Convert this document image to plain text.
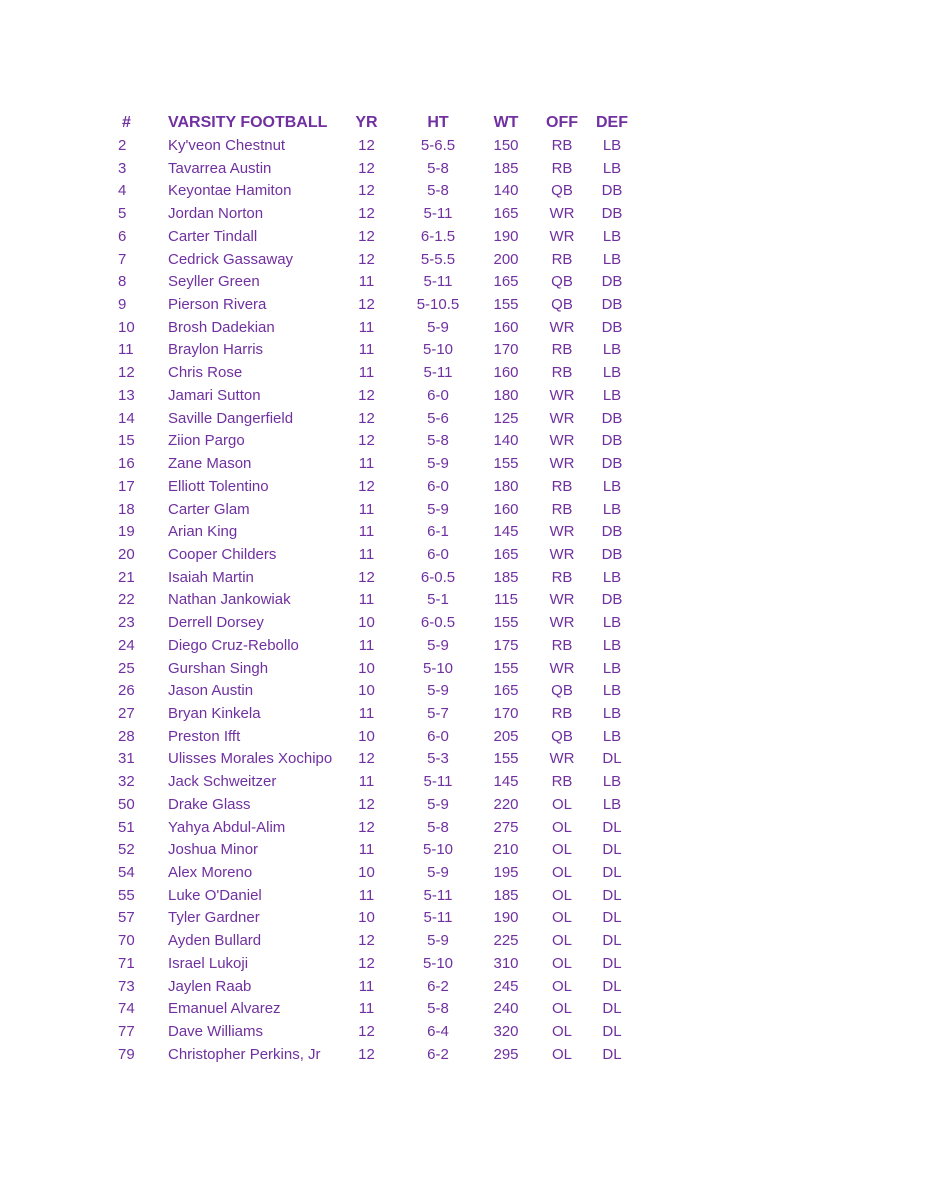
#	VARSITY FOOTBALL	YR	HT	WT	OFF	DEF
2	Ky'veon Chestnut	12	5-6.5	150	RB	LB
3	Tavarrea Austin	12	5-8	185	RB	LB
4	Keyontae Hamiton	12	5-8	140	QB	DB
5	Jordan Norton	12	5-11	165	WR	DB
6	Carter Tindall	12	6-1.5	190	WR	LB
7	Cedrick Gassaway	12	5-5.5	200	RB	LB
8	Seyller Green	11	5-11	165	QB	DB
9	Pierson Rivera	12	5-10.5	155	QB	DB
10	Brosh Dadekian	11	5-9	160	WR	DB
11	Braylon Harris	11	5-10	170	RB	LB
12	Chris Rose	11	5-11	160	RB	LB
13	Jamari Sutton	12	6-0	180	WR	LB
14	Saville Dangerfield	12	5-6	125	WR	DB
15	Ziion Pargo	12	5-8	140	WR	DB
16	Zane Mason	11	5-9	155	WR	DB
17	Elliott Tolentino	12	6-0	180	RB	LB
18	Carter Glam	11	5-9	160	RB	LB
19	Arian King	11	6-1	145	WR	DB
20	Cooper Childers	11	6-0	165	WR	DB
21	Isaiah Martin	12	6-0.5	185	RB	LB
22	Nathan Jankowiak	11	5-1	115	WR	DB
23	Derrell Dorsey	10	6-0.5	155	WR	LB
24	Diego Cruz-Rebollo	11	5-9	175	RB	LB
25	Gurshan Singh	10	5-10	155	WR	LB
26	Jason Austin	10	5-9	165	QB	LB
27	Bryan Kinkela	11	5-7	170	RB	LB
28	Preston Ifft	10	6-0	205	QB	LB
31	Ulisses Morales Xochipo	12	5-3	155	WR	DL
32	Jack Schweitzer	11	5-11	145	RB	LB
50	Drake Glass	12	5-9	220	OL	LB
51	Yahya Abdul-Alim	12	5-8	275	OL	DL
52	Joshua Minor	11	5-10	210	OL	DL
54	Alex Moreno	10	5-9	195	OL	DL
55	Luke O'Daniel	11	5-11	185	OL	DL
57	Tyler Gardner	10	5-11	190	OL	DL
70	Ayden Bullard	12	5-9	225	OL	DL
71	Israel Lukoji	12	5-10	310	OL	DL
73	Jaylen Raab	11	6-2	245	OL	DL
74	Emanuel Alvarez	11	5-8	240	OL	DL
77	Dave Williams	12	6-4	320	OL	DL
79	Christopher Perkins, Jr	12	6-2	295	OL	DL
